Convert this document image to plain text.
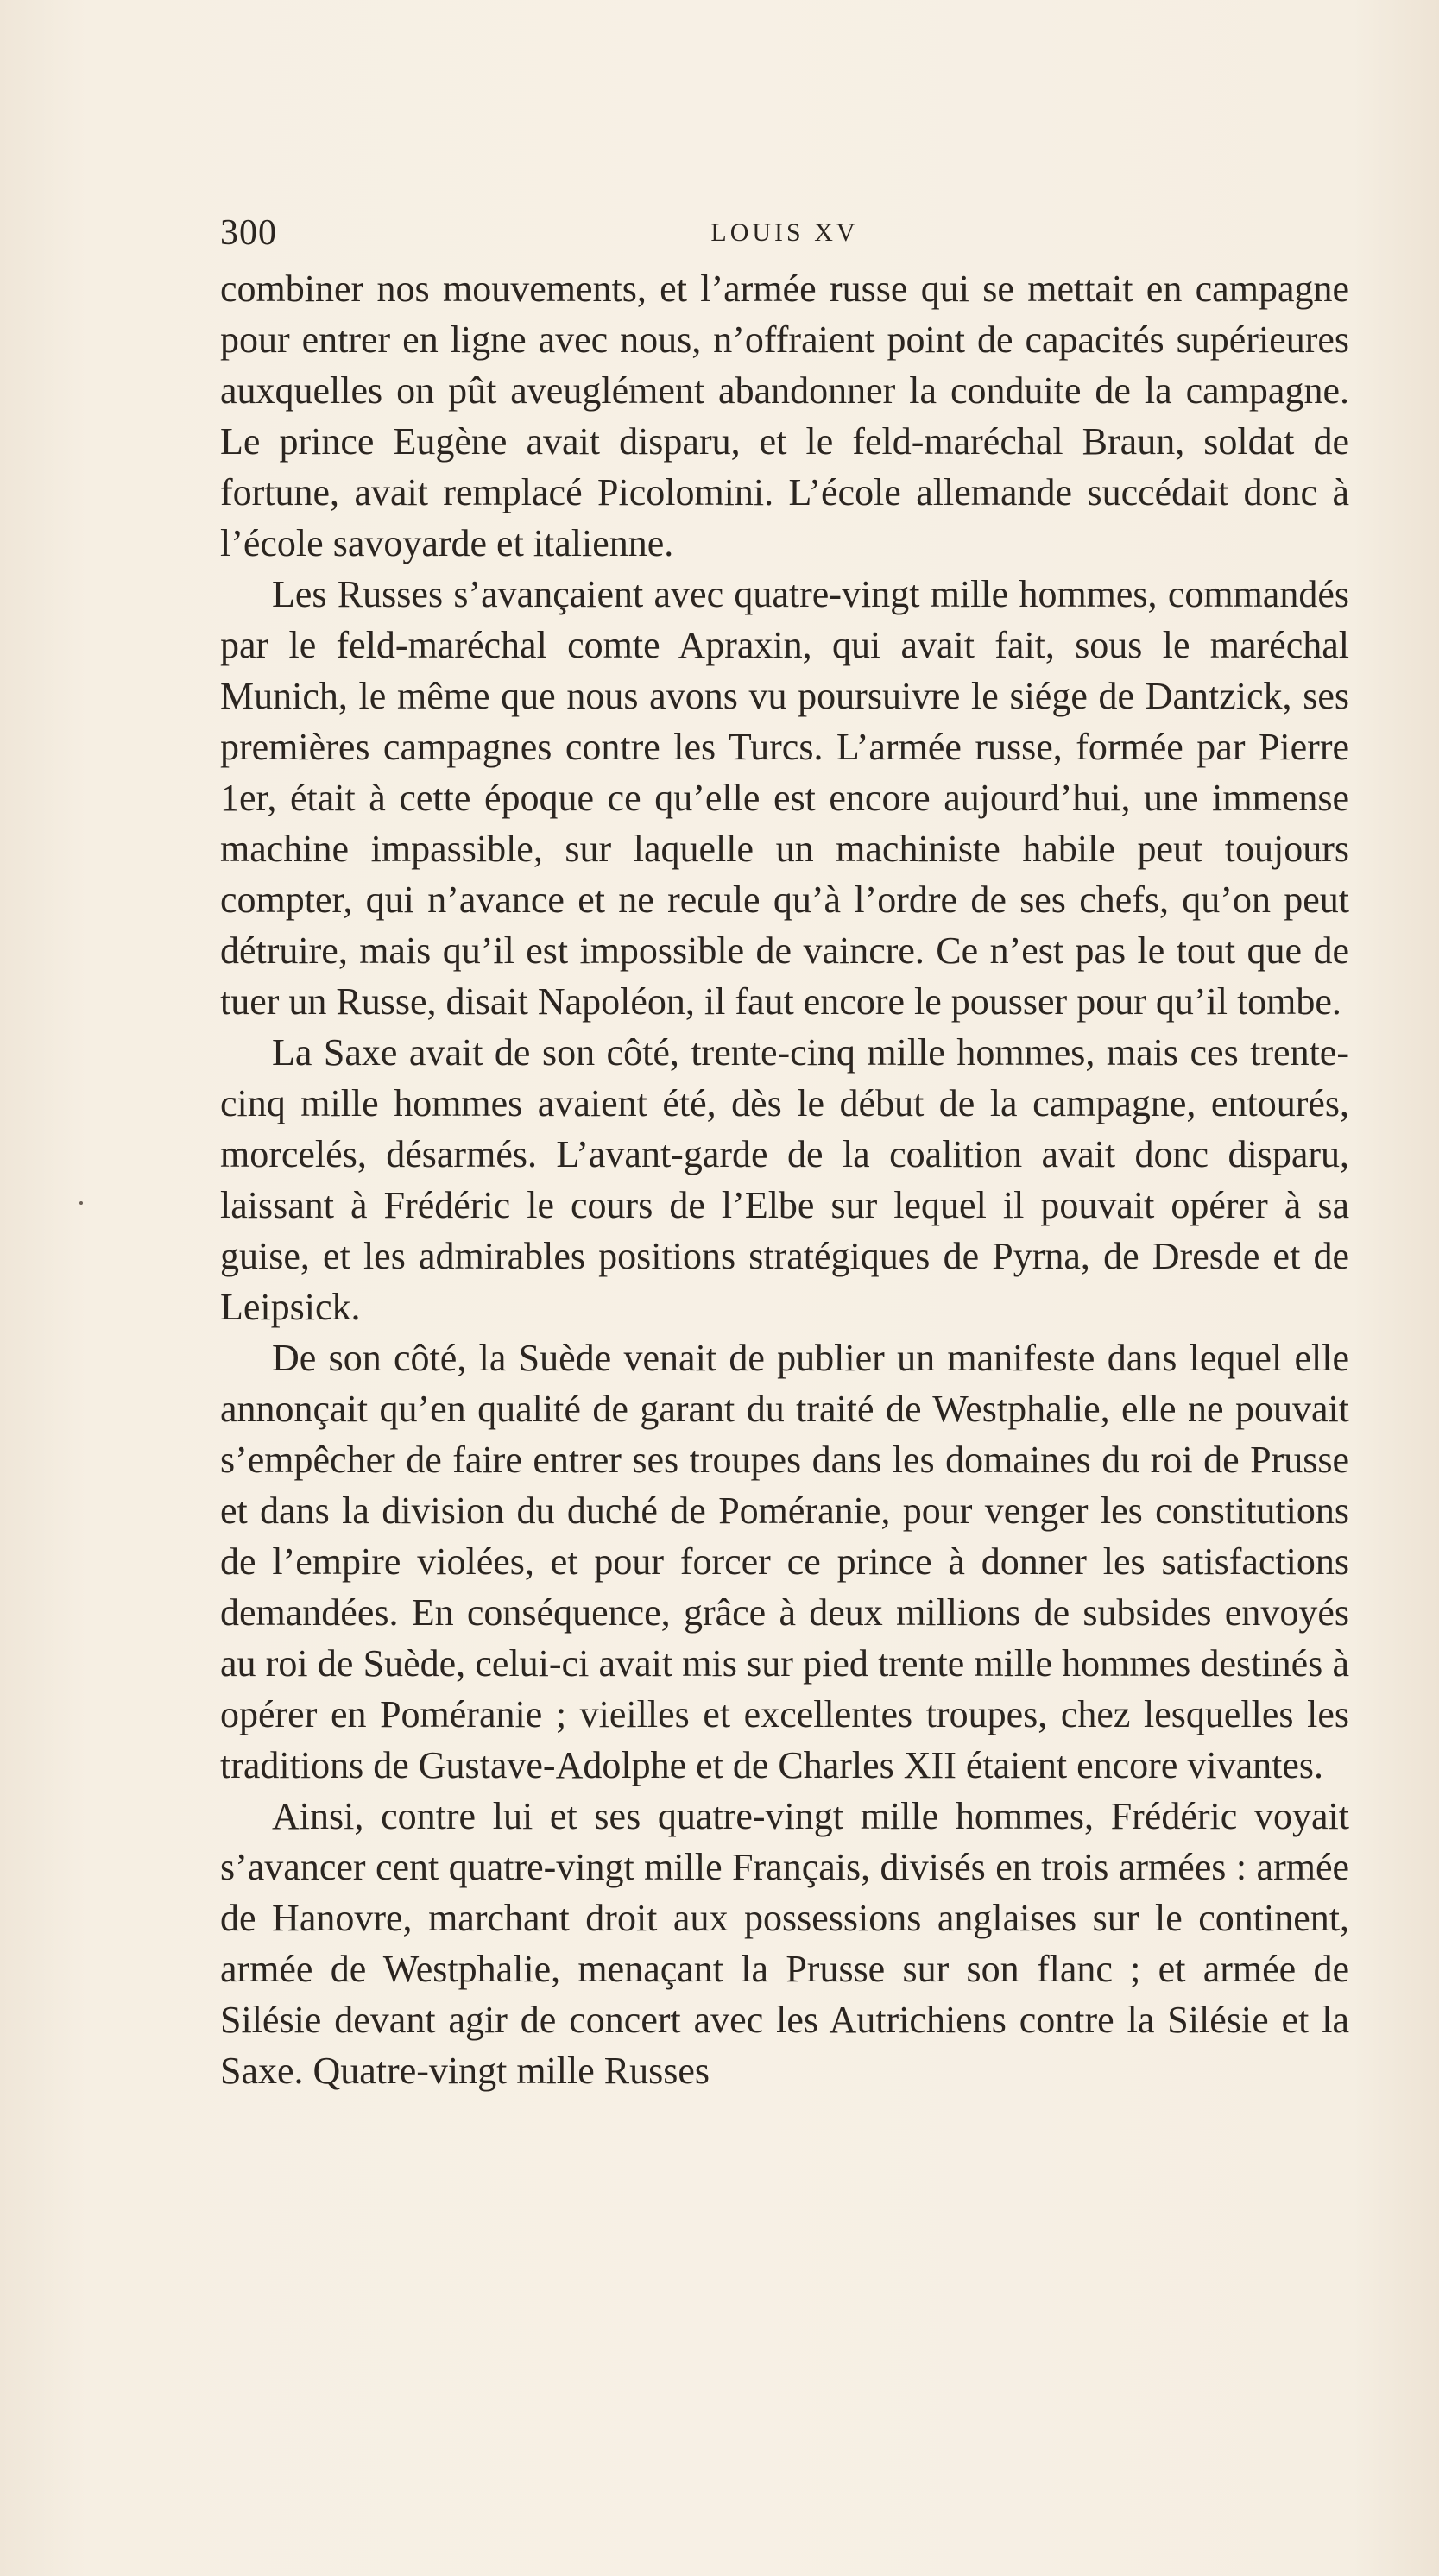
300	LOUIS XV

combiner nos mouvements, et l’armée russe qui se mettait en campagne pour entrer en ligne avec nous, n’offraient point de capacités supérieures auxquelles on pût aveuglément abandonner la conduite de la campagne. Le prince Eugène avait disparu, et le feld-maréchal Braun, soldat de fortune, avait remplacé Picolomini. L’école allemande succédait donc à l’école savoyarde et italienne.

Les Russes s’avançaient avec quatre-vingt mille hommes, commandés par le feld-maréchal comte Apraxin, qui avait fait, sous le maréchal Munich, le même que nous avons vu poursuivre le siége de Dantzick, ses premières campagnes contre les Turcs. L’armée russe, formée par Pierre 1er, était à cette époque ce qu’elle est encore aujourd’hui, une immense machine impassible, sur laquelle un machiniste habile peut toujours compter, qui n’avance et ne recule qu’à l’ordre de ses chefs, qu’on peut détruire, mais qu’il est impossible de vaincre. Ce n’est pas le tout que de tuer un Russe, disait Napoléon, il faut encore le pousser pour qu’il tombe.

La Saxe avait de son côté, trente-cinq mille hommes, mais ces trente-cinq mille hommes avaient été, dès le début de la campagne, entourés, morcelés, désarmés. L’avant-garde de la coalition avait donc disparu, laissant à Frédéric le cours de l’Elbe sur lequel il pouvait opérer à sa guise, et les admirables positions stratégiques de Pyrna, de Dresde et de Leipsick.

De son côté, la Suède venait de publier un manifeste dans lequel elle annonçait qu’en qualité de garant du traité de Westphalie, elle ne pouvait s’empêcher de faire entrer ses troupes dans les domaines du roi de Prusse et dans la division du duché de Poméranie, pour venger les constitutions de l’empire violées, et pour forcer ce prince à donner les satisfactions demandées. En conséquence, grâce à deux millions de subsides envoyés au roi de Suède, celui-ci avait mis sur pied trente mille hommes destinés à opérer en Poméranie ; vieilles et excellentes troupes, chez lesquelles les traditions de Gustave-Adolphe et de Charles XII étaient encore vivantes.

Ainsi, contre lui et ses quatre-vingt mille hommes, Frédéric voyait s’avancer cent quatre-vingt mille Français, divisés en trois armées : armée de Hanovre, marchant droit aux possessions anglaises sur le continent, armée de Westphalie, menaçant la Prusse sur son flanc ; et armée de Silésie devant agir de concert avec les Autrichiens contre la Silésie et la Saxe. Quatre-vingt mille Russes
